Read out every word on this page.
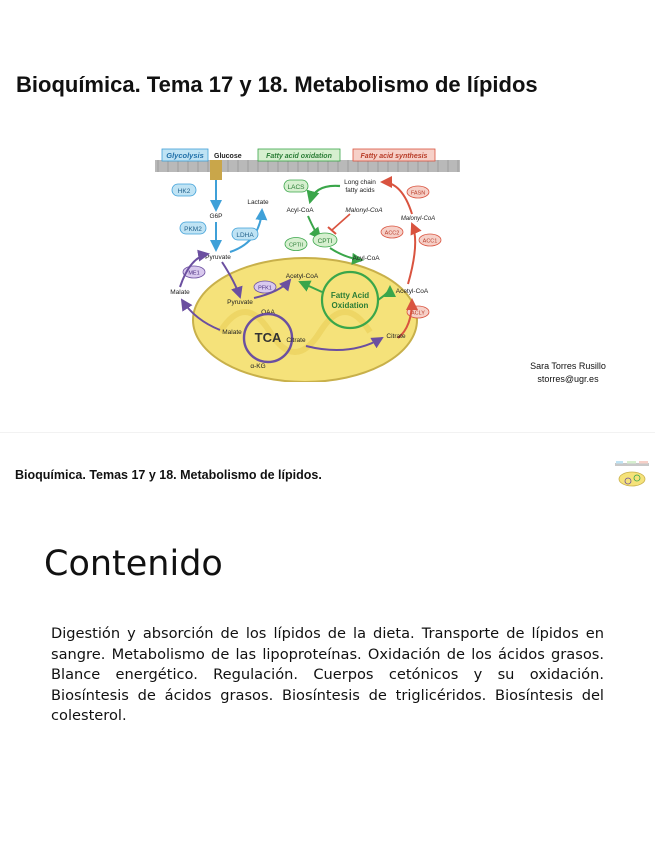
Bioquímica. Tema 17 y 18. Metabolismo de lípidos
Glycolysis Glucose	Fatty acid oxidation	Fatty acid synthesis
HK2
G6P
PKM2
Pyruvate
Lactate
LDHA
LACS
Acyl-CoA
Long chain
fatty acids
CPTI
CPTII
Acyl-CoA
Fatty Acid
Oxidation
Malonyl-CoA
Malonyl-CoA
FASN
ACC2
ACC1
Acetyl-CoA
ACLY
Citrate
ME1
Malate
Pyruvate
PFK1
Acetyl-CoA
OAA
TCA
Malate
Citrate
α-KG	Sara Torres Rusillo
storres@ugr.es
Bioquímica. Temas 17 y 18. Metabolismo de lípidos.
Contenido
Digestión y absorción de los lípidos de la dieta. Transporte de lípidos en sangre. Metabolismo de las lipoproteínas. Oxidación de los ácidos grasos. Blance energético. Regulación. Cuerpos cetónicos y su oxidación. Biosíntesis de ácidos grasos. Biosíntesis de triglicéridos. Biosíntesis del colesterol.
